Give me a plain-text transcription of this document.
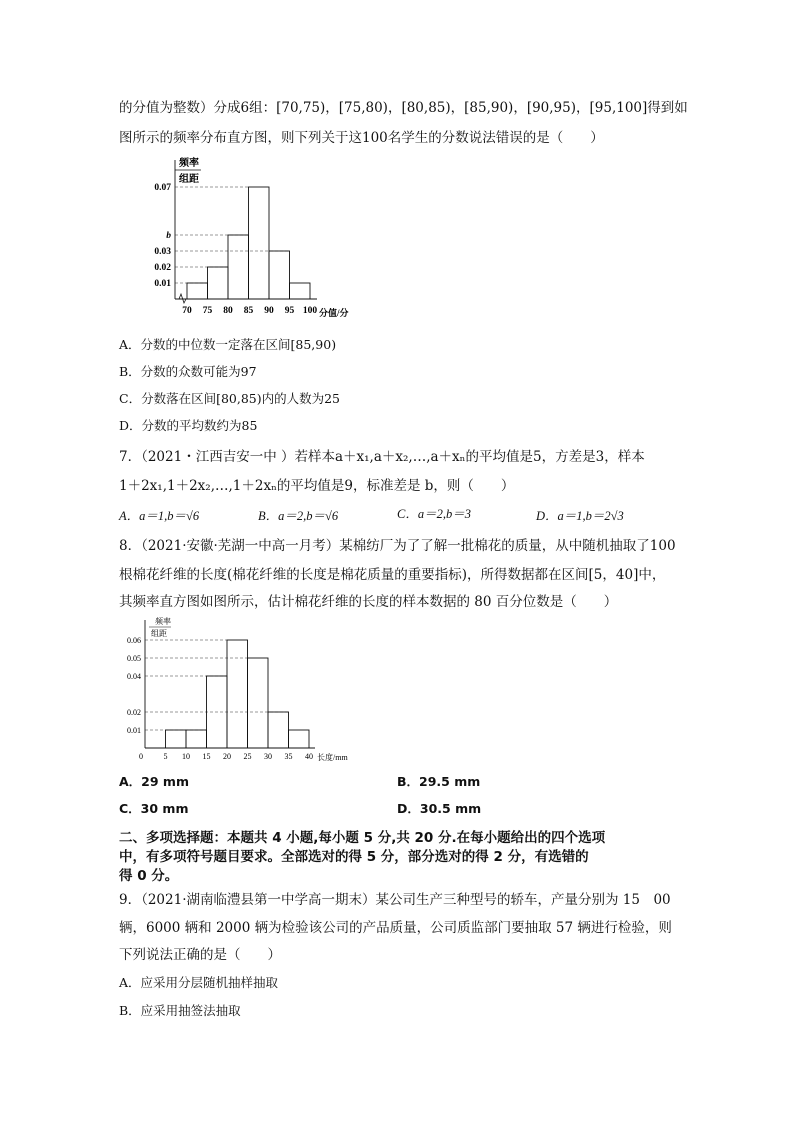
的分值为整数）分成6组：[70,75)，[75,80)，[80,85)，[85,90)，[90,95)，[95,100]得到如
图所示的频率分布直方图，则下列关于这100名学生的分数说法错误的是（　　）
0.07
b
0.03
0.02
0.01
70 75 80 85 90 95 100
频率
组距
分值/分
A．分数的中位数一定落在区间[85,90)
B．分数的众数可能为97
C．分数落在区间[80,85)内的人数为25
D．分数的平均数约为85
7．（2021・江西吉安一中 ）若样本a＋x₁,a＋x₂,…,a＋xₙ的平均值是5，方差是3，样本
1＋2x₁,1＋2x₂,…,1＋2xₙ的平均值是9，标准差是 b，则（　　）
A．a＝1,b＝√6	B．a＝2,b＝√6	C．a＝2,b＝3	D．a＝1,b＝2√3
8．（2021·安徽·芜湖一中高一月考）某棉纺厂为了了解一批棉花的质量，从中随机抽取了100
根棉花纤维的长度(棉花纤维的长度是棉花质量的重要指标)，所得数据都在区间[5，40]中，
其频率直方图如图所示，估计棉花纤维的长度的样本数据的 80 百分位数是（　　）
0.06
0.05
0.04
0.02
0.01
0	5 10 15 20 25 30 35 40
频率
组距
长度/mm
A．29 mm	B．29.5 mm
C．30 mm	D．30.5 mm
二、多项选择题：本题共 4 小题,每小题 5 分,共 20 分.在每小题给出的四个选项
中，有多项符号题目要求。全部选对的得 5 分，部分选对的得 2 分，有选错的
得 0 分。
9．（2021·湖南临澧县第一中学高一期末）某公司生产三种型号的轿车，产量分别为 15　00
辆，6000 辆和 2000 辆为检验该公司的产品质量，公司质监部门要抽取 57 辆进行检验，则
下列说法正确的是（　　）
A．应采用分层随机抽样抽取
B．应采用抽签法抽取
